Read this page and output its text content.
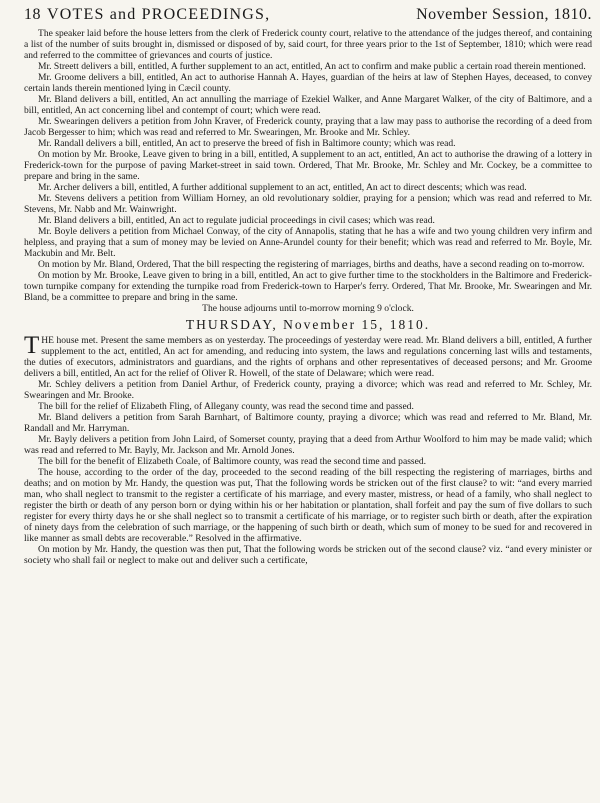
18 VOTES and PROCEEDINGS,	November Session, 1810.

The speaker laid before the house letters from the clerk of Frederick county court, relative to the attendance of the judges thereof, and containing a list of the number of suits brought in, dismissed or disposed of by, said court, for three years prior to the 1st of September, 1810; which were read and referred to the committee of grievances and courts of justice.

Mr. Streett delivers a bill, entitled, A further supplement to an act, entitled, An act to confirm and make public a certain road therein mentioned.

Mr. Groome delivers a bill, entitled, An act to authorise Hannah A. Hayes, guardian of the heirs at law of Stephen Hayes, deceased, to convey certain lands therein mentioned lying in Cæcil county.

Mr. Bland delivers a bill, entitled, An act annulling the marriage of Ezekiel Walker, and Anne Margaret Walker, of the city of Baltimore, and a bill, entitled, An act concerning libel and contempt of court; which were read.

Mr. Swearingen delivers a petition from John Kraver, of Frederick county, praying that a law may pass to authorise the recording of a deed from Jacob Bergesser to him; which was read and referred to Mr. Swearingen, Mr. Brooke and Mr. Schley.

Mr. Randall delivers a bill, entitled, An act to preserve the breed of fish in Baltimore county; which was read.

On motion by Mr. Brooke, Leave given to bring in a bill, entitled, A supplement to an act, entitled, An act to authorise the drawing of a lottery in Frederick-town for the purpose of paving Market-street in said town. Ordered, That Mr. Brooke, Mr. Schley and Mr. Cockey, be a committee to prepare and bring in the same.

Mr. Archer delivers a bill, entitled, A further additional supplement to an act, entitled, An act to direct descents; which was read.

Mr. Stevens delivers a petition from William Horney, an old revolutionary soldier, praying for a pension; which was read and referred to Mr. Stevens, Mr. Nabb and Mr. Wainwright.

Mr. Bland delivers a bill, entitled, An act to regulate judicial proceedings in civil cases; which was read.

Mr. Boyle delivers a petition from Michael Conway, of the city of Annapolis, stating that he has a wife and two young children very infirm and helpless, and praying that a sum of money may be levied on Anne-Arundel county for their benefit; which was read and referred to Mr. Boyle, Mr. Mackubin and Mr. Belt.

On motion by Mr. Bland, Ordered, That the bill respecting the registering of marriages, births and deaths, have a second reading on to-morrow.

On motion by Mr. Brooke, Leave given to bring in a bill, entitled, An act to give further time to the stockholders in the Baltimore and Frederick-town turnpike company for extending the turnpike road from Frederick-town to Harper's ferry. Ordered, That Mr. Brooke, Mr. Swearingen and Mr. Bland, be a committee to prepare and bring in the same.

The house adjourns until to-morrow morning 9 o'clock.

THURSDAY, November 15, 1810.

THE house met. Present the same members as on yesterday. The proceedings of yesterday were read. Mr. Bland delivers a bill, entitled, A further supplement to the act, entitled, An act for amending, and reducing into system, the laws and regulations concerning last wills and testaments, the duties of executors, administrators and guardians, and the rights of orphans and other representatives of deceased persons; and Mr. Groome delivers a bill, entitled, An act for the relief of Oliver R. Howell, of the state of Delaware; which were read.

Mr. Schley delivers a petition from Daniel Arthur, of Frederick county, praying a divorce; which was read and referred to Mr. Schley, Mr. Swearingen and Mr. Brooke.

The bill for the relief of Elizabeth Fling, of Allegany county, was read the second time and passed.

Mr. Bland delivers a petition from Sarah Barnhart, of Baltimore county, praying a divorce; which was read and referred to Mr. Bland, Mr. Randall and Mr. Harryman.

Mr. Bayly delivers a petition from John Laird, of Somerset county, praying that a deed from Arthur Woolford to him may be made valid; which was read and referred to Mr. Bayly, Mr. Jackson and Mr. Arnold Jones.

The bill for the benefit of Elizabeth Coale, of Baltimore county, was read the second time and passed.

The house, according to the order of the day, proceeded to the second reading of the bill respecting the registering of marriages, births and deaths; and on motion by Mr. Handy, the question was put, That the following words be stricken out of the first clause? to wit: “and every married man, who shall neglect to transmit to the register a certificate of his marriage, and every master, mistress, or head of a family, who shall neglect to register the birth or death of any person born or dying within his or her habitation or plantation, shall forfeit and pay the sum of five dollars to such register for every thirty days he or she shall neglect so to transmit a certificate of his marriage, or to register such birth or death, after the expiration of ninety days from the celebration of such marriage, or the happening of such birth or death, which sum of money to be sued for and recovered in like manner as small debts are recoverable.” Resolved in the affirmative.

On motion by Mr. Handy, the question was then put, That the following words be stricken out of the second clause? viz. “and every minister or society who shall fail or neglect to make out and deliver such a certificate,
